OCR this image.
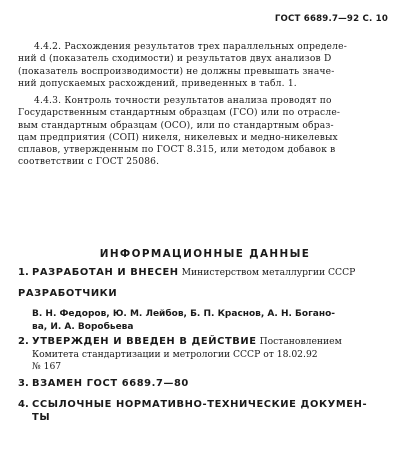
ГОСТ 6689.7—92 С. 10
4.4.2. Расхождения результатов трех параллельных определе-
ний d (показатель сходимости) и результатов двух анализов D
(показатель воспроизводимости) не должны превышать значе-
ний допускаемых расхождений, приведенных в табл. 1.
4.4.3. Контроль точности результатов анализа проводят по
Государственным стандартным образцам (ГСО) или по отрасле-
вым стандартным образцам (ОСО), или по стандартным образ-
цам предприятия (СОП) никеля, никелевых и медно-никелевых
сплавов, утвержденным по ГОСТ 8.315, или методом добавок в
соответствии с ГОСТ 25086.
ИНФОРМАЦИОННЫЕ ДАННЫЕ
1. РАЗРАБОТАН И ВНЕСЕН Министерством металлургии СССР
РАЗРАБОТЧИКИ
В. Н. Федоров, Ю. М. Лейбов, Б. П. Краснов, А. Н. Богано-
ва, И. А. Воробьева
2. УТВЕРЖДЕН И ВВЕДЕН В ДЕЙСТВИЕ Постановлением
Комитета стандартизации и метрологии СССР от 18.02.92
№ 167
3. ВЗАМЕН ГОСТ 6689.7—80
4. ССЫЛОЧНЫЕ НОРМАТИВНО-ТЕХНИЧЕСКИЕ ДОКУМЕН-
ТЫ
